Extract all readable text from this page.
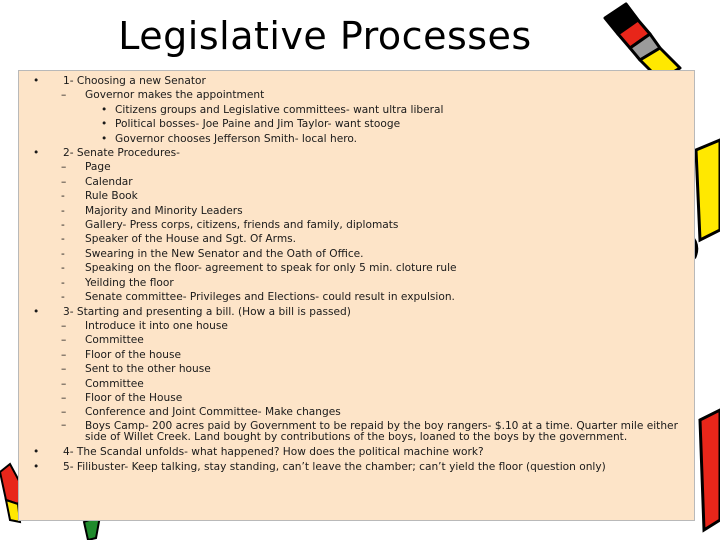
Legislative Processes
• 1- Choosing a new Senator
– Governor makes the appointment
• Citizens groups and Legislative committees- want ultra liberal
• Political bosses- Joe Paine and Jim Taylor- want stooge
• Governor chooses Jefferson Smith- local hero.
• 2- Senate Procedures-
– Page
– Calendar
- Rule Book
- Majority and Minority Leaders
- Gallery- Press corps, citizens, friends and family, diplomats
- Speaker of the House and Sgt. Of Arms.
- Swearing in the New Senator and the Oath of Office.
- Speaking on the floor- agreement to speak for only 5 min. cloture rule
- Yeilding the floor
- Senate committee- Privileges and Elections- could result in expulsion.
• 3- Starting and presenting a bill. (How a bill is passed)
– Introduce it into one house
– Committee
– Floor of the house
– Sent to the other house
– Committee
– Floor of the House
– Conference and Joint Committee- Make changes
– Boys Camp- 200 acres paid by Government to be repaid by the boy rangers- $.10 at a time. Quarter mile either side of Willet Creek. Land bought by contributions of the boys, loaned to the boys by the government.
• 4- The Scandal unfolds- what happened? How does the political machine work?
• 5- Filibuster- Keep talking, stay standing, can’t leave the chamber; can’t yield the floor (question only)
